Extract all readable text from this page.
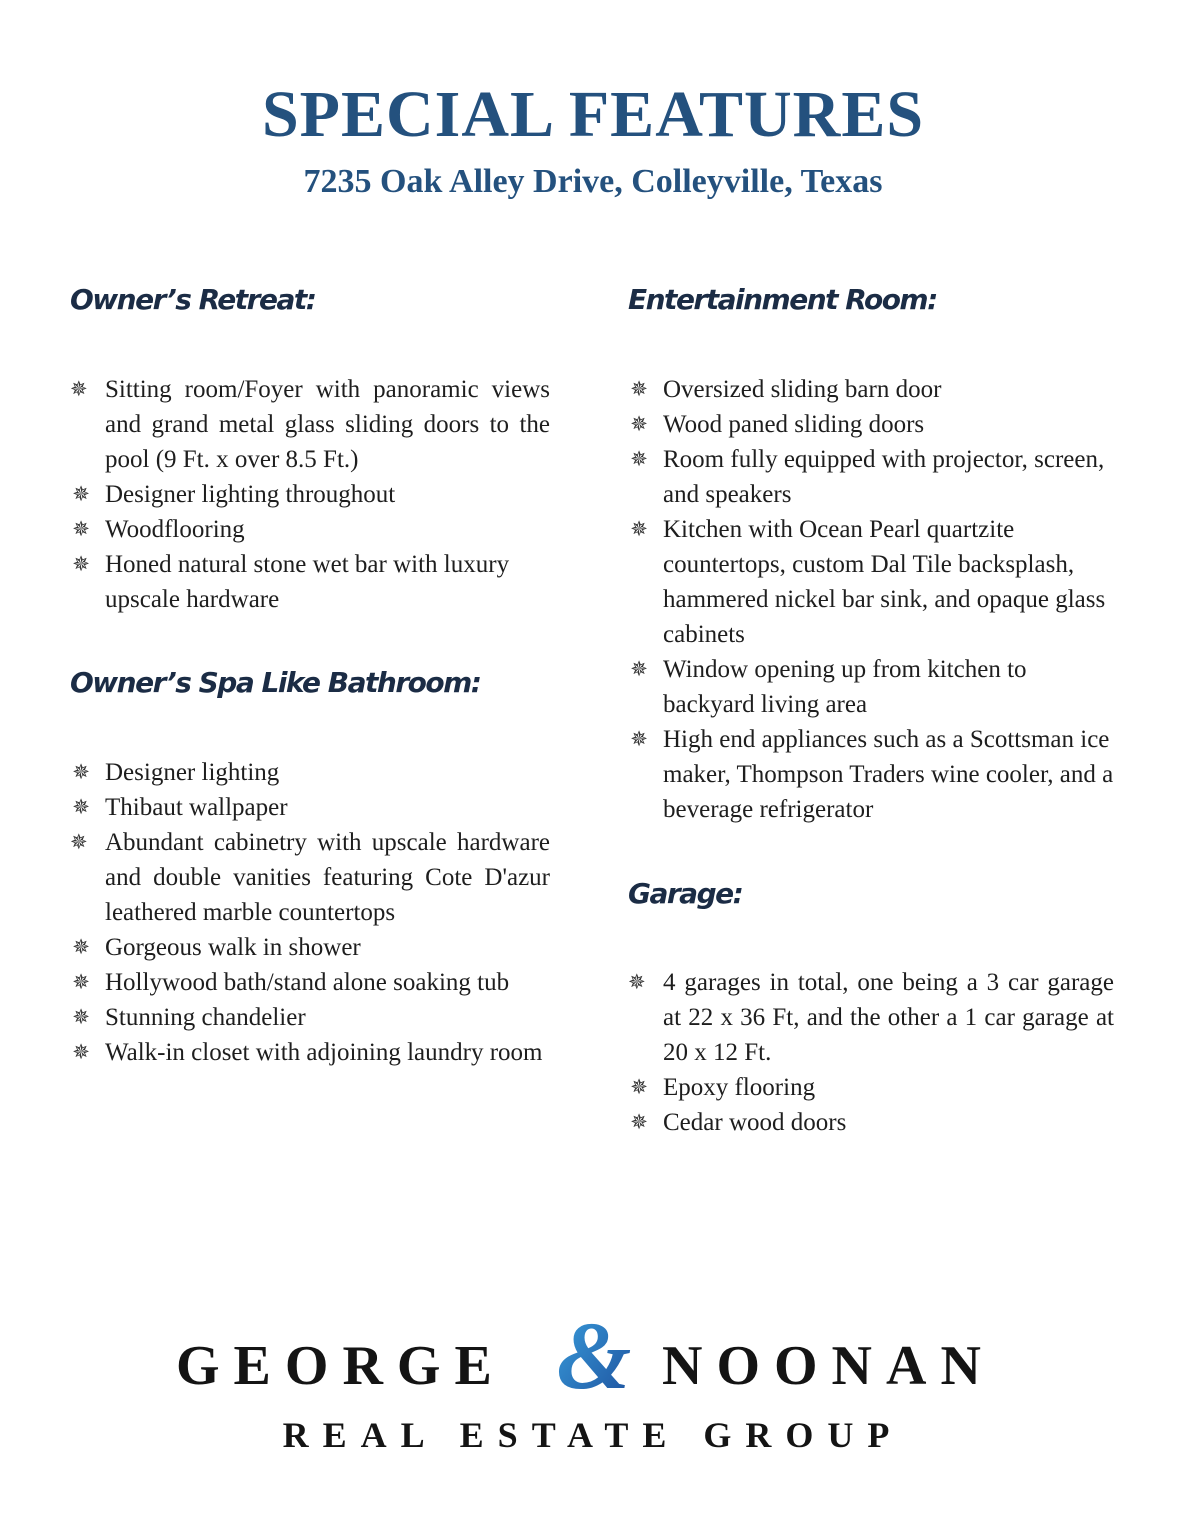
SPECIAL FEATURES
7235 Oak Alley Drive, Colleyville, Texas
Owner’s Retreat:
✵ Sitting room/Foyer with panoramic views and grand metal glass sliding doors to the pool (9 Ft. x over 8.5 Ft.)
✵ Designer lighting throughout
✵ Woodflooring
✵ Honed natural stone wet bar with luxury upscale hardware
Owner’s Spa Like Bathroom:
✵ Designer lighting
✵ Thibaut wallpaper
✵ Abundant cabinetry with upscale hardware and double vanities featuring Cote D'azur leathered marble countertops
✵ Gorgeous walk in shower
✵ Hollywood bath/stand alone soaking tub
✵ Stunning chandelier
✵ Walk-in closet with adjoining laundry room
Entertainment Room:
✵ Oversized sliding barn door
✵ Wood paned sliding doors
✵ Room fully equipped with projector, screen, and speakers
✵ Kitchen with Ocean Pearl quartzite countertops, custom Dal Tile backsplash, hammered nickel bar sink, and opaque glass cabinets
✵ Window opening up from kitchen to backyard living area
✵ High end appliances such as a Scottsman ice maker, Thompson Traders wine cooler, and a beverage refrigerator
Garage:
✵ 4 garages in total, one being a 3 car garage at 22 x 36 Ft, and the other a 1 car garage at 20 x 12 Ft.
✵ Epoxy flooring
✵ Cedar wood doors
GEORGE & NOONAN
REAL ESTATE GROUP
